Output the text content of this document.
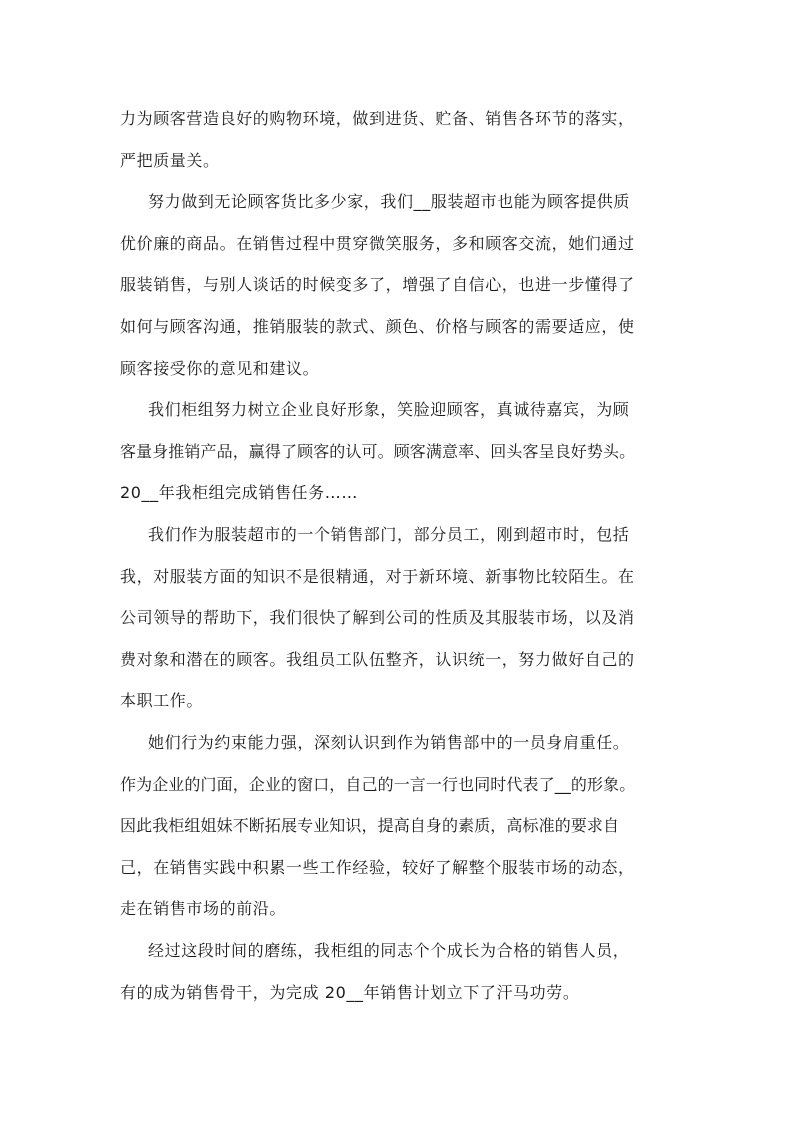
力为顾客营造良好的购物环境，做到进货、贮备、销售各环节的落实，
严把质量关。
努力做到无论顾客货比多少家，我们__服装超市也能为顾客提供质
优价廉的商品。在销售过程中贯穿微笑服务，多和顾客交流，她们通过
服装销售，与别人谈话的时候变多了，增强了自信心，也进一步懂得了
如何与顾客沟通，推销服装的款式、颜色、价格与顾客的需要适应，使
顾客接受你的意见和建议。
我们柜组努力树立企业良好形象，笑脸迎顾客，真诚待嘉宾，为顾
客量身推销产品，赢得了顾客的认可。顾客满意率、回头客呈良好势头。
20__年我柜组完成销售任务……
我们作为服装超市的一个销售部门，部分员工，刚到超市时，包括
我，对服装方面的知识不是很精通，对于新环境、新事物比较陌生。在
公司领导的帮助下，我们很快了解到公司的性质及其服装市场，以及消
费对象和潜在的顾客。我组员工队伍整齐，认识统一，努力做好自己的
本职工作。
她们行为约束能力强，深刻认识到作为销售部中的一员身肩重任。
作为企业的门面，企业的窗口，自己的一言一行也同时代表了__的形象。
因此我柜组姐妹不断拓展专业知识，提高自身的素质，高标准的要求自
己，在销售实践中积累一些工作经验，较好了解整个服装市场的动态，
走在销售市场的前沿。
经过这段时间的磨练，我柜组的同志个个成长为合格的销售人员，
有的成为销售骨干，为完成 20__年销售计划立下了汗马功劳。
